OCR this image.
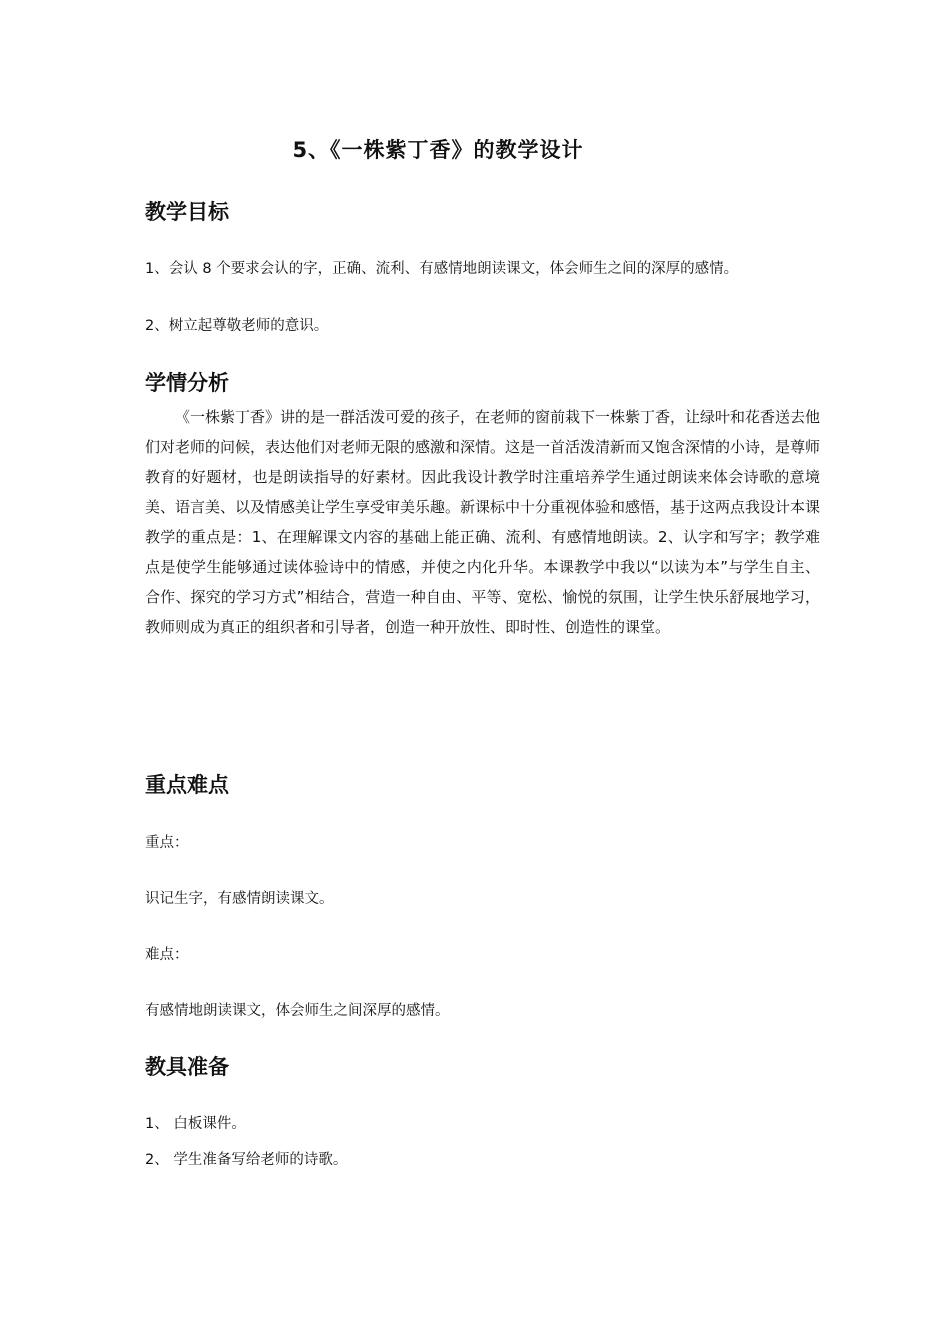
5、《一株紫丁香》的教学设计
教学目标

1、会认 8 个要求会认的字，正确、流利、有感情地朗读课文，体会师生之间的深厚的感情。

2、树立起尊敬老师的意识。

学情分析

《一株紫丁香》讲的是一群活泼可爱的孩子，在老师的窗前栽下一株紫丁香，让绿叶和花香送去他们对老师的问候，表达他们对老师无限的感激和深情。这是一首活泼清新而又饱含深情的小诗，是尊师教育的好题材，也是朗读指导的好素材。因此我设计教学时注重培养学生通过朗读来体会诗歌的意境美、语言美、以及情感美让学生享受审美乐趣。新课标中十分重视体验和感悟，基于这两点我设计本课教学的重点是：1、在理解课文内容的基础上能正确、流利、有感情地朗读。2、认字和写字；教学难点是使学生能够通过读体验诗中的情感，并使之内化升华。本课教学中我以“以读为本”与学生自主、合作、探究的学习方式”相结合，营造一种自由、平等、宽松、愉悦的氛围，让学生快乐舒展地学习，教师则成为真正的组织者和引导者，创造一种开放性、即时性、创造性的课堂。

重点难点

重点：

识记生字，有感情朗读课文。

难点：

有感情地朗读课文，体会师生之间深厚的感情。

教具准备

1、 白板课件。

2、 学生准备写给老师的诗歌。
